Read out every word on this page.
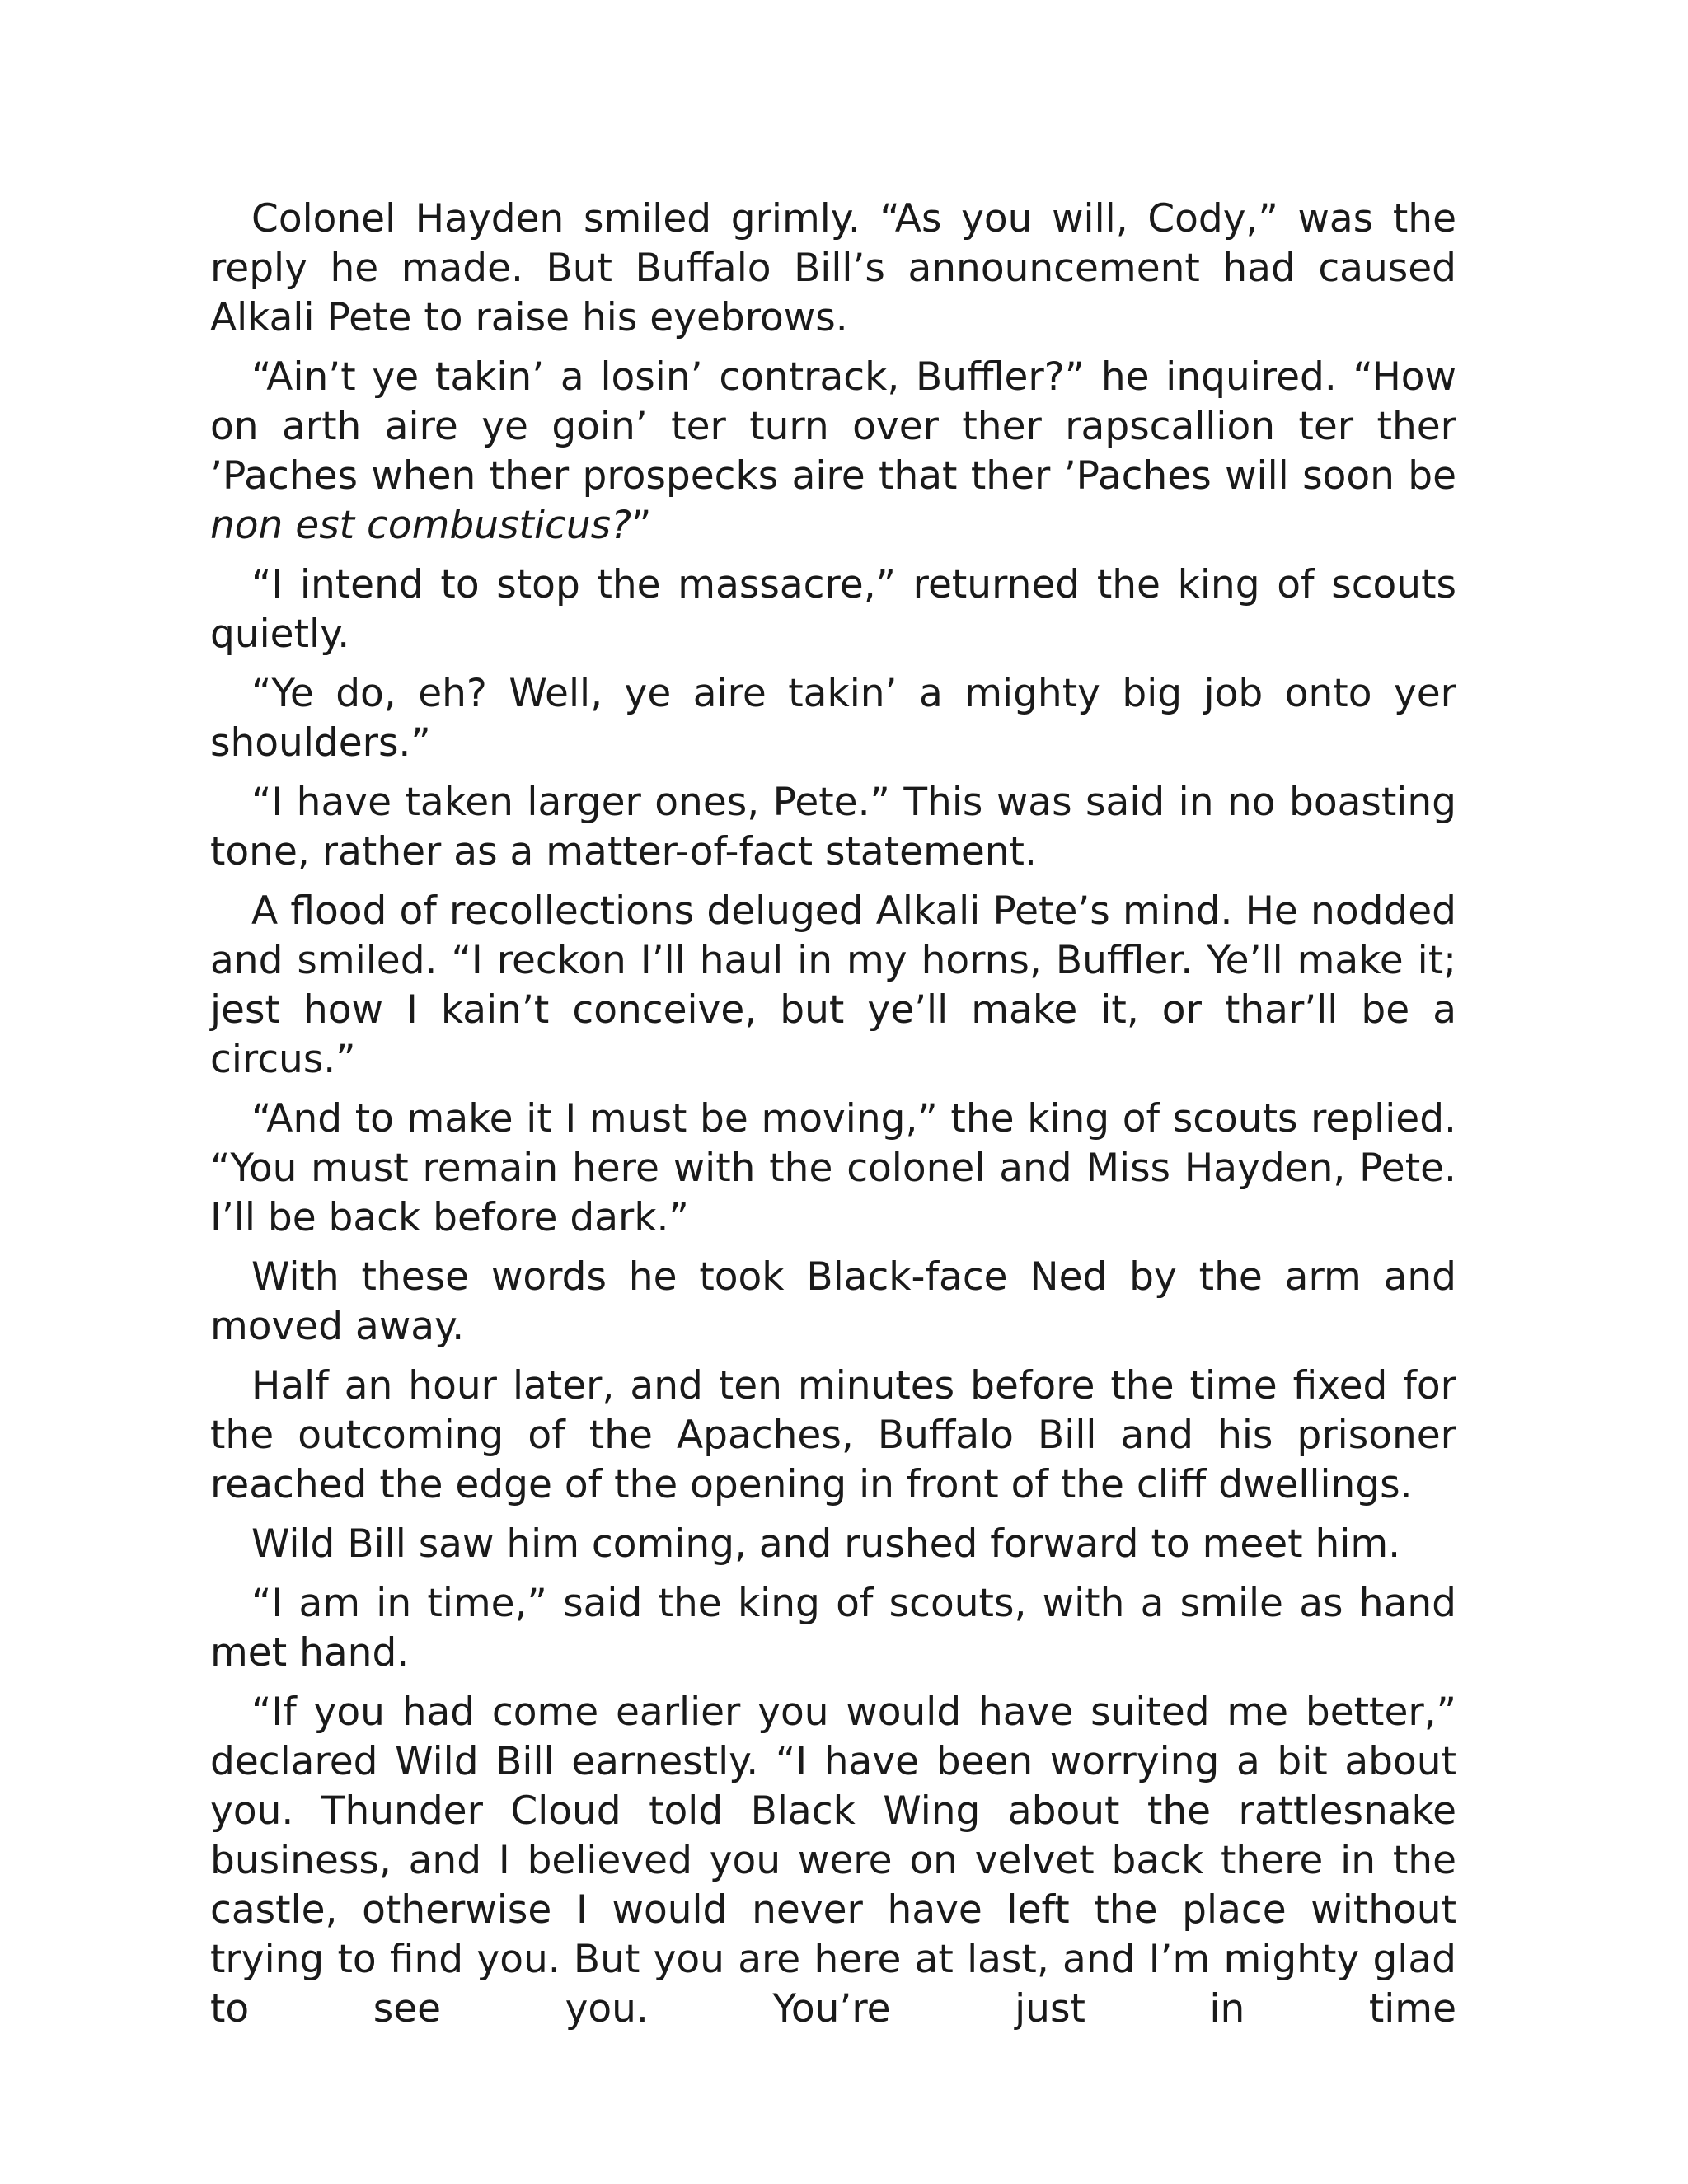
Colonel Hayden smiled grimly. “As you will, Cody,” was the reply he made. But Buffalo Bill’s announcement had caused Alkali Pete to raise his eyebrows.

“Ain’t ye takin’ a losin’ contrack, Buffler?” he inquired. “How on arth aire ye goin’ ter turn over ther rapscallion ter ther ’Paches when ther prospecks aire that ther ’Paches will soon be non est combusticus?”

“I intend to stop the massacre,” returned the king of scouts quietly.

“Ye do, eh? Well, ye aire takin’ a mighty big job onto yer shoulders.”

“I have taken larger ones, Pete.” This was said in no boasting tone, rather as a matter-of-fact statement.

A flood of recollections deluged Alkali Pete’s mind. He nodded and smiled. “I reckon I’ll haul in my horns, Buffler. Ye’ll make it; jest how I kain’t conceive, but ye’ll make it, or thar’ll be a circus.”

“And to make it I must be moving,” the king of scouts replied. “You must remain here with the colonel and Miss Hayden, Pete. I’ll be back before dark.”

With these words he took Black-face Ned by the arm and moved away.

Half an hour later, and ten minutes before the time fixed for the outcoming of the Apaches, Buffalo Bill and his prisoner reached the edge of the opening in front of the cliff dwellings.

Wild Bill saw him coming, and rushed forward to meet him.

“I am in time,” said the king of scouts, with a smile as hand met hand.

“If you had come earlier you would have suited me better,” declared Wild Bill earnestly. “I have been worrying a bit about you. Thunder Cloud told Black Wing about the rattlesnake business, and I believed you were on velvet back there in the castle, otherwise I would never have left the place without trying to find you. But you are here at last, and I’m mighty glad to see you. You’re just in time
